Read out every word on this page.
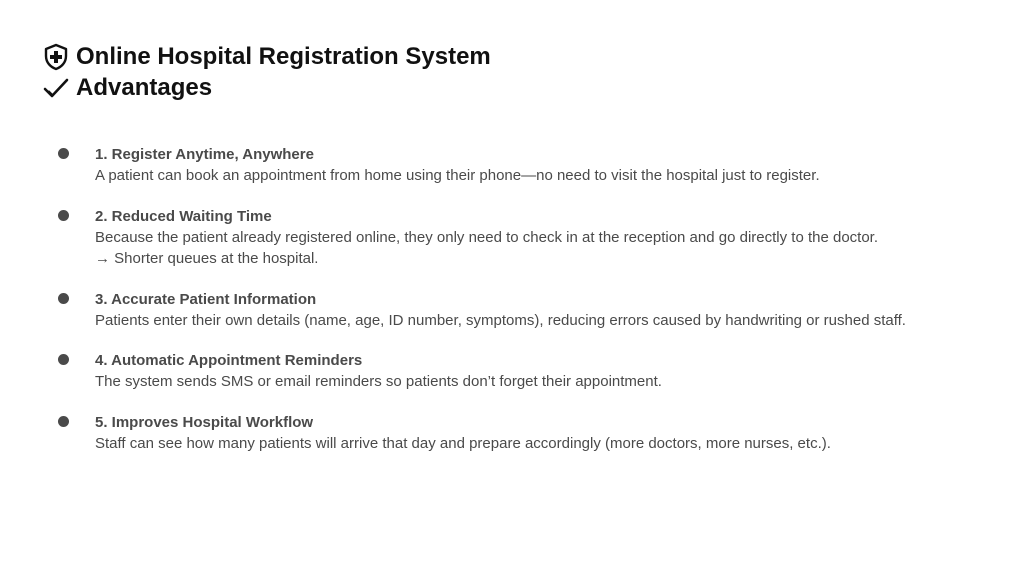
Online Hospital Registration System
Advantages
1. Register Anytime, Anywhere
A patient can book an appointment from home using their phone—no need to visit the hospital just to register.
2. Reduced Waiting Time
Because the patient already registered online, they only need to check in at the reception and go directly to the doctor.
→ Shorter queues at the hospital.
3. Accurate Patient Information
Patients enter their own details (name, age, ID number, symptoms), reducing errors caused by handwriting or rushed staff.
4. Automatic Appointment Reminders
The system sends SMS or email reminders so patients don’t forget their appointment.
5. Improves Hospital Workflow
Staff can see how many patients will arrive that day and prepare accordingly (more doctors, more nurses, etc.).
